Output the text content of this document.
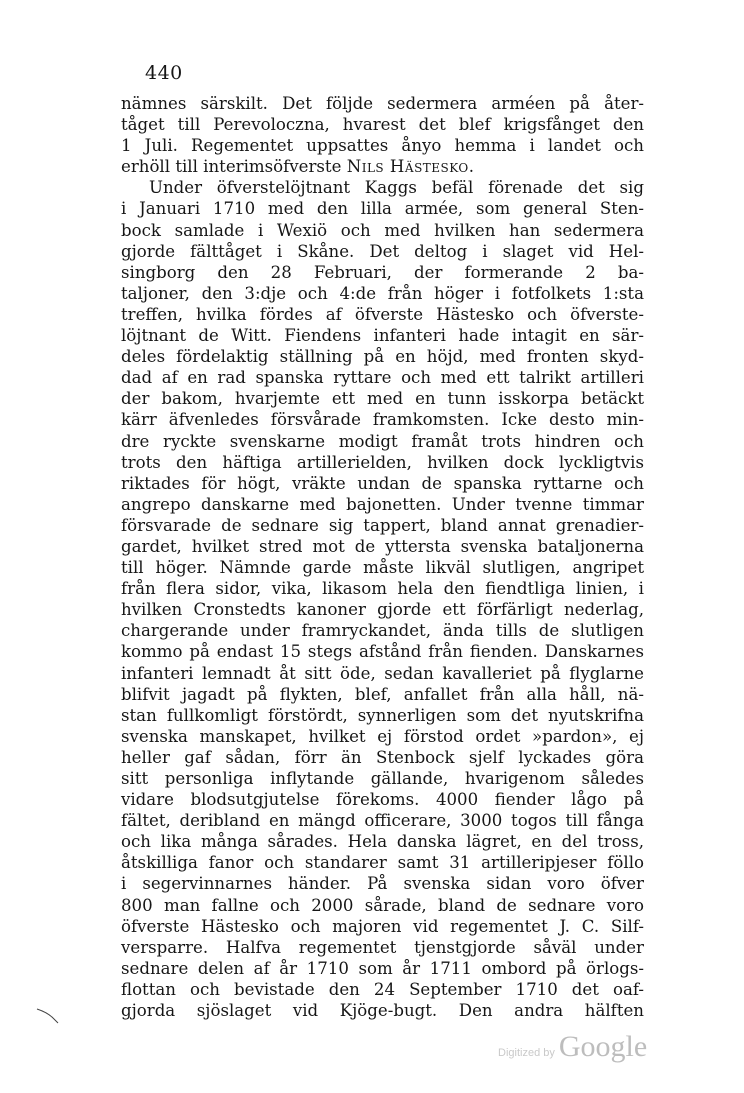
440
nämnes särskilt. Det följde sedermera arméen på åter-
tåget till Perevoloczna, hvarest det blef krigsfånget den
1 Juli. Regementet uppsattes ånyo hemma i landet och
erhöll till interimsöfverste Nils Hästesko.
Under öfverstelöjtnant Kaggs befäl förenade det sig
i Januari 1710 med den lilla armée, som general Sten-
bock samlade i Wexiö och med hvilken han sedermera
gjorde fälttåget i Skåne. Det deltog i slaget vid Hel-
singborg den 28 Februari, der formerande 2 ba-
taljoner, den 3:dje och 4:de från höger i fotfolkets 1:sta
treffen, hvilka fördes af öfverste Hästesko och öfverste-
löjtnant de Witt. Fiendens infanteri hade intagit en sär-
deles fördelaktig ställning på en höjd, med fronten skyd-
dad af en rad spanska ryttare och med ett talrikt artilleri
der bakom, hvarjemte ett med en tunn isskorpa betäckt
kärr äfvenledes försvårade framkomsten. Icke desto min-
dre ryckte svenskarne modigt framåt trots hindren och
trots den häftiga artillerielden, hvilken dock lyckligtvis
riktades för högt, vräkte undan de spanska ryttarne och
angrepo danskarne med bajonetten. Under tvenne timmar
försvarade de sednare sig tappert, bland annat grenadier-
gardet, hvilket stred mot de yttersta svenska bataljonerna
till höger. Nämnde garde måste likväl slutligen, angripet
från flera sidor, vika, likasom hela den fiendtliga linien, i
hvilken Cronstedts kanoner gjorde ett förfärligt nederlag,
chargerande under framryckandet, ända tills de slutligen
kommo på endast 15 stegs afstånd från fienden. Danskarnes
infanteri lemnadt åt sitt öde, sedan kavalleriet på flyglarne
blifvit jagadt på flykten, blef, anfallet från alla håll, nä-
stan fullkomligt förstördt, synnerligen som det nyutskrifna
svenska manskapet, hvilket ej förstod ordet »pardon», ej
heller gaf sådan, förr än Stenbock sjelf lyckades göra
sitt personliga inflytande gällande, hvarigenom således
vidare blodsutgjutelse förekoms. 4000 fiender lågo på
fältet, deribland en mängd officerare, 3000 togos till fånga
och lika många sårades. Hela danska lägret, en del tross,
åtskilliga fanor och standarer samt 31 artilleripjeser föllo
i segervinnarnes händer. På svenska sidan voro öfver
800 man fallne och 2000 sårade, bland de sednare voro
öfverste Hästesko och majoren vid regementet J. C. Silf-
versparre. Halfva regementet tjenstgjorde såväl under
sednare delen af år 1710 som år 1711 ombord på örlogs-
flottan och bevistade den 24 September 1710 det oaf-
gjorda sjöslaget vid Kjöge-bugt. Den andra hälften
Digitized by Google
